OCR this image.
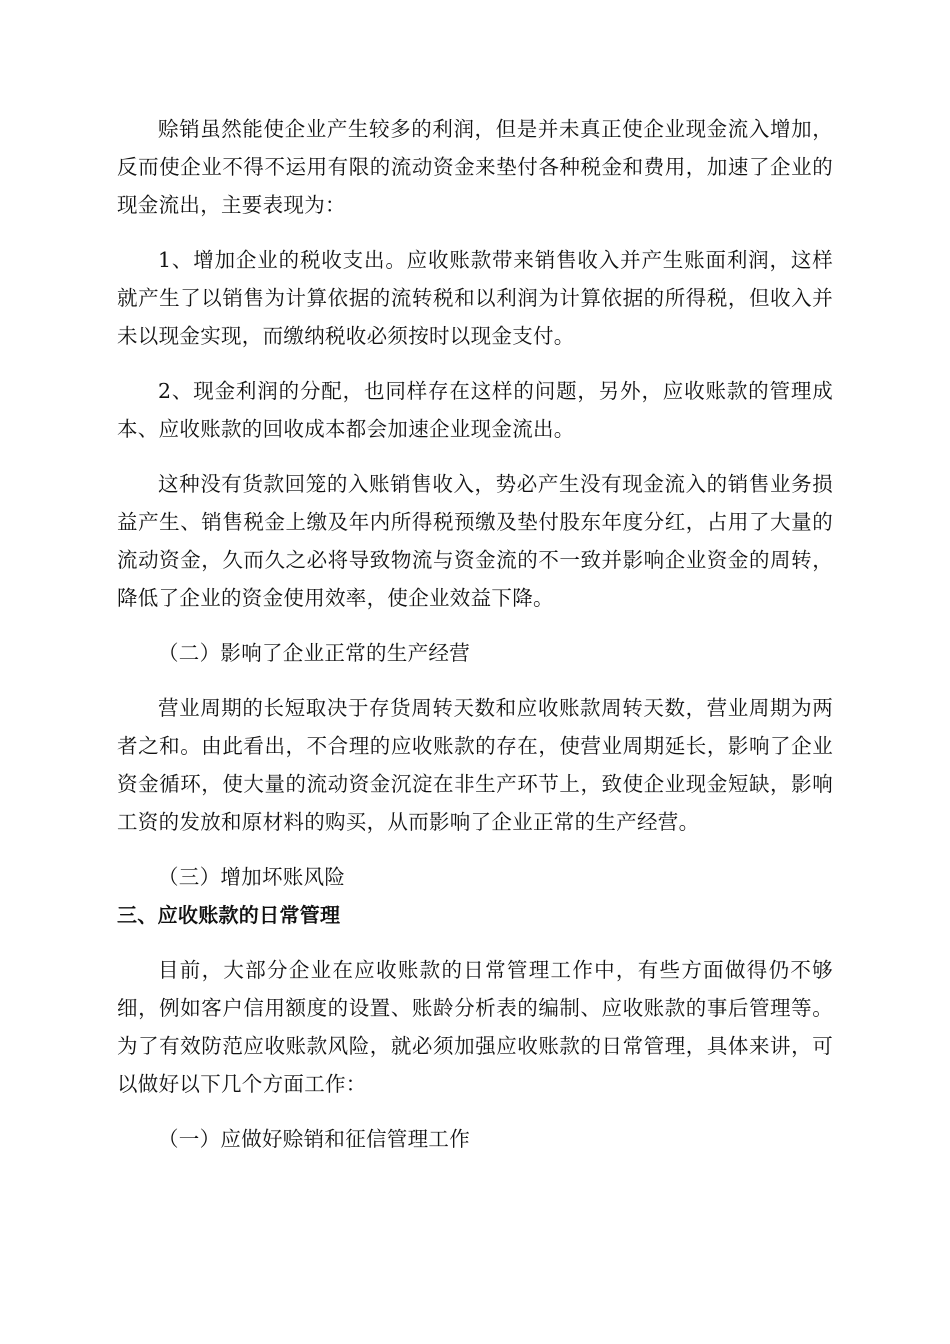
赊销虽然能使企业产生较多的利润，但是并未真正使企业现金流入增加，反而使企业不得不运用有限的流动资金来垫付各种税金和费用，加速了企业的现金流出，主要表现为：

1、增加企业的税收支出。应收账款带来销售收入并产生账面利润，这样就产生了以销售为计算依据的流转税和以利润为计算依据的所得税，但收入并未以现金实现，而缴纳税收必须按时以现金支付。

2、现金利润的分配，也同样存在这样的问题，另外，应收账款的管理成本、应收账款的回收成本都会加速企业现金流出。

这种没有货款回笼的入账销售收入，势必产生没有现金流入的销售业务损益产生、销售税金上缴及年内所得税预缴及垫付股东年度分红，占用了大量的流动资金，久而久之必将导致物流与资金流的不一致并影响企业资金的周转，降低了企业的资金使用效率，使企业效益下降。

（二）影响了企业正常的生产经营

营业周期的长短取决于存货周转天数和应收账款周转天数，营业周期为两者之和。由此看出，不合理的应收账款的存在，使营业周期延长，影响了企业资金循环，使大量的流动资金沉淀在非生产环节上，致使企业现金短缺，影响工资的发放和原材料的购买，从而影响了企业正常的生产经营。

（三）增加坏账风险

三、应收账款的日常管理

目前，大部分企业在应收账款的日常管理工作中，有些方面做得仍不够细，例如客户信用额度的设置、账龄分析表的编制、应收账款的事后管理等。为了有效防范应收账款风险，就必须加强应收账款的日常管理，具体来讲，可以做好以下几个方面工作：

（一）应做好赊销和征信管理工作
